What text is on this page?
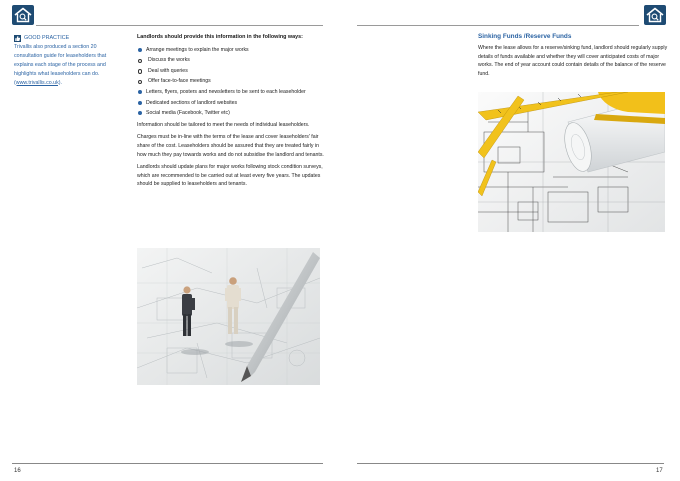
GOOD PRACTICE
Trivallis also produced a section 20 consultation guide for leaseholders that explains each stage of the process and highlights what leaseholders can do.
(www.trivallis.co.uk).
Landlords should provide this information in the following ways:
Arrange meetings to explain the major works
Discuss the works
Deal with queries
Offer face-to-face meetings
Letters, flyers, posters and newsletters to be sent to each leaseholder
Dedicated sections of landlord websites
Social media (Facebook, Twitter etc)

Information should be tailored to meet the needs of individual leaseholders.

Charges must be in-line with the terms of the lease and cover leaseholders' fair share of the cost. Leaseholders should be assured that they are treated fairly in how much they pay towards works and do not subsidise the landlord and tenants.

Landlords should update plans for major works following stock condition surveys, which are recommended to be carried out at least every five years. The updates should be supplied to leaseholders and tenants.

16	17
Sinking Funds /Reserve Funds
Where the lease allows for a reserve/sinking fund, landlord should regularly supply details of funds available and whether they will cover anticipated costs of major works. The end of year account could contain details of the balance of the reserve fund.
